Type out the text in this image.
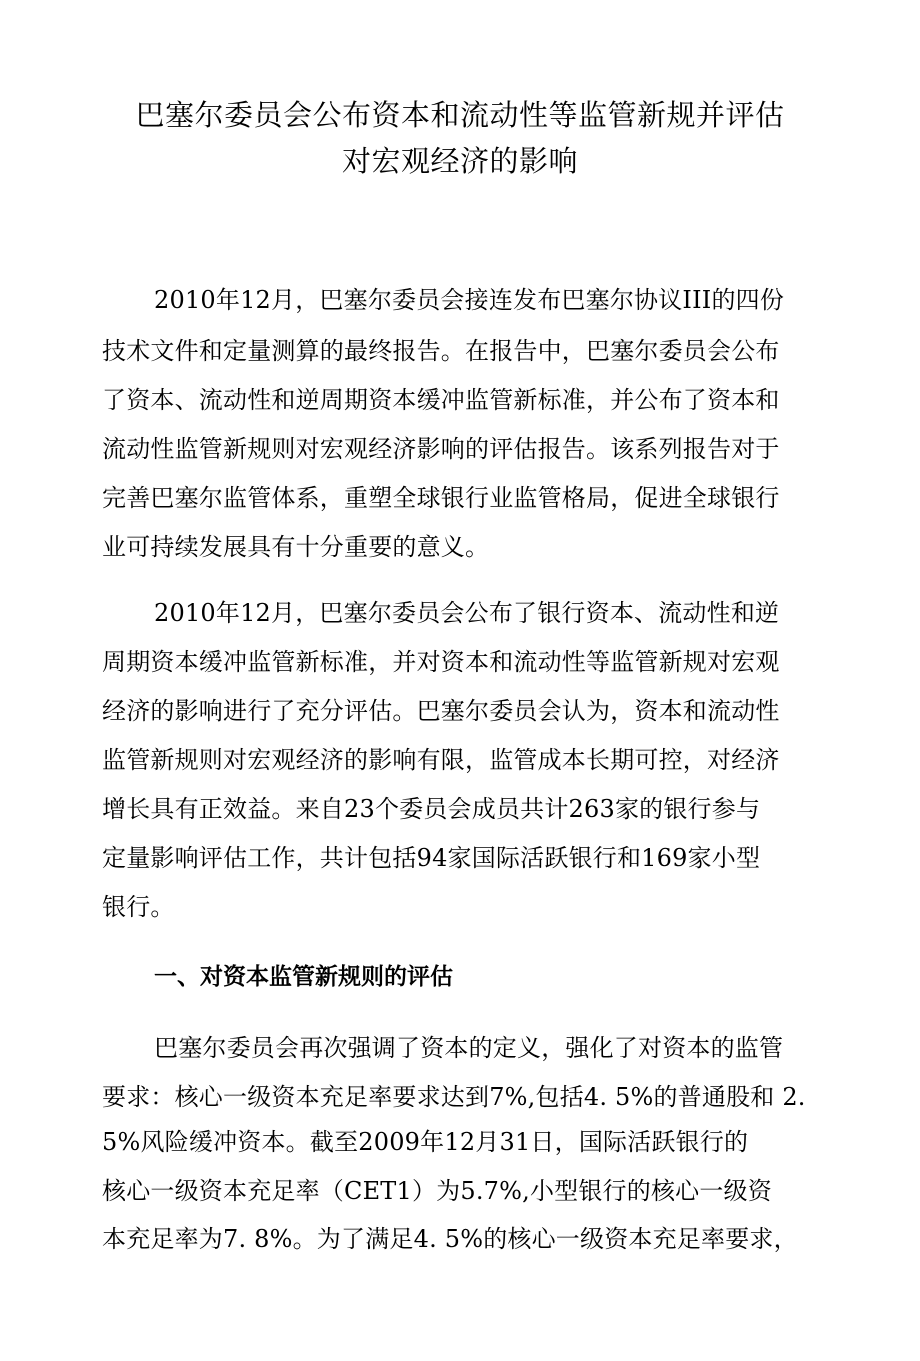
巴塞尔委员会公布资本和流动性等监管新规并评估
对宏观经济的影响
2010年12月，巴塞尔委员会接连发布巴塞尔协议III的四份
技术文件和定量测算的最终报告。在报告中，巴塞尔委员会公布
了资本、流动性和逆周期资本缓冲监管新标准，并公布了资本和
流动性监管新规则对宏观经济影响的评估报告。该系列报告对于
完善巴塞尔监管体系，重塑全球银行业监管格局，促进全球银行
业可持续发展具有十分重要的意义。
2010年12月，巴塞尔委员会公布了银行资本、流动性和逆
周期资本缓冲监管新标准，并对资本和流动性等监管新规对宏观
经济的影响进行了充分评估。巴塞尔委员会认为，资本和流动性
监管新规则对宏观经济的影响有限，监管成本长期可控，对经济
增长具有正效益。来自23个委员会成员共计263家的银行参与
定量影响评估工作，共计包括94家国际活跃银行和169家小型
银行。
一、对资本监管新规则的评估
巴塞尔委员会再次强调了资本的定义，强化了对资本的监管
要求：核心一级资本充足率要求达到7%,包括4. 5%的普通股和 2.
5%风险缓冲资本。截至2009年12月31日，国际活跃银行的
核心一级资本充足率（CET1）为5.7%,小型银行的核心一级资
本充足率为7. 8%。为了满足4. 5%的核心一级资本充足率要求，
